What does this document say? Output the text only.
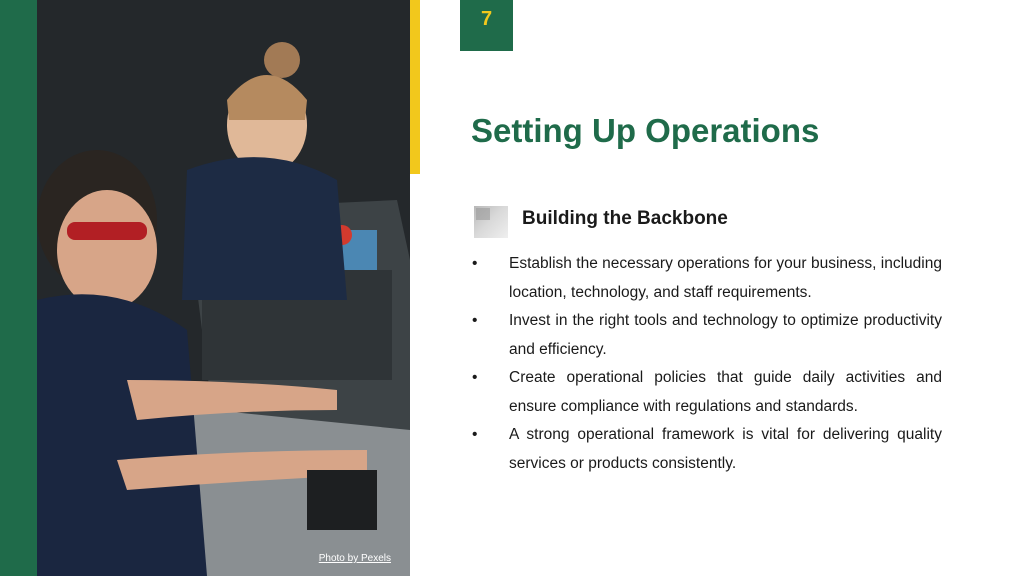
Photo by Pexels
7
Setting Up Operations
Building the Backbone
• Establish the necessary operations for your business, including location, technology, and staff requirements.
• Invest in the right tools and technology to optimize productivity and efficiency.
• Create operational policies that guide daily activities and ensure compliance with regulations and standards.
• A strong operational framework is vital for delivering quality services or products consistently.
